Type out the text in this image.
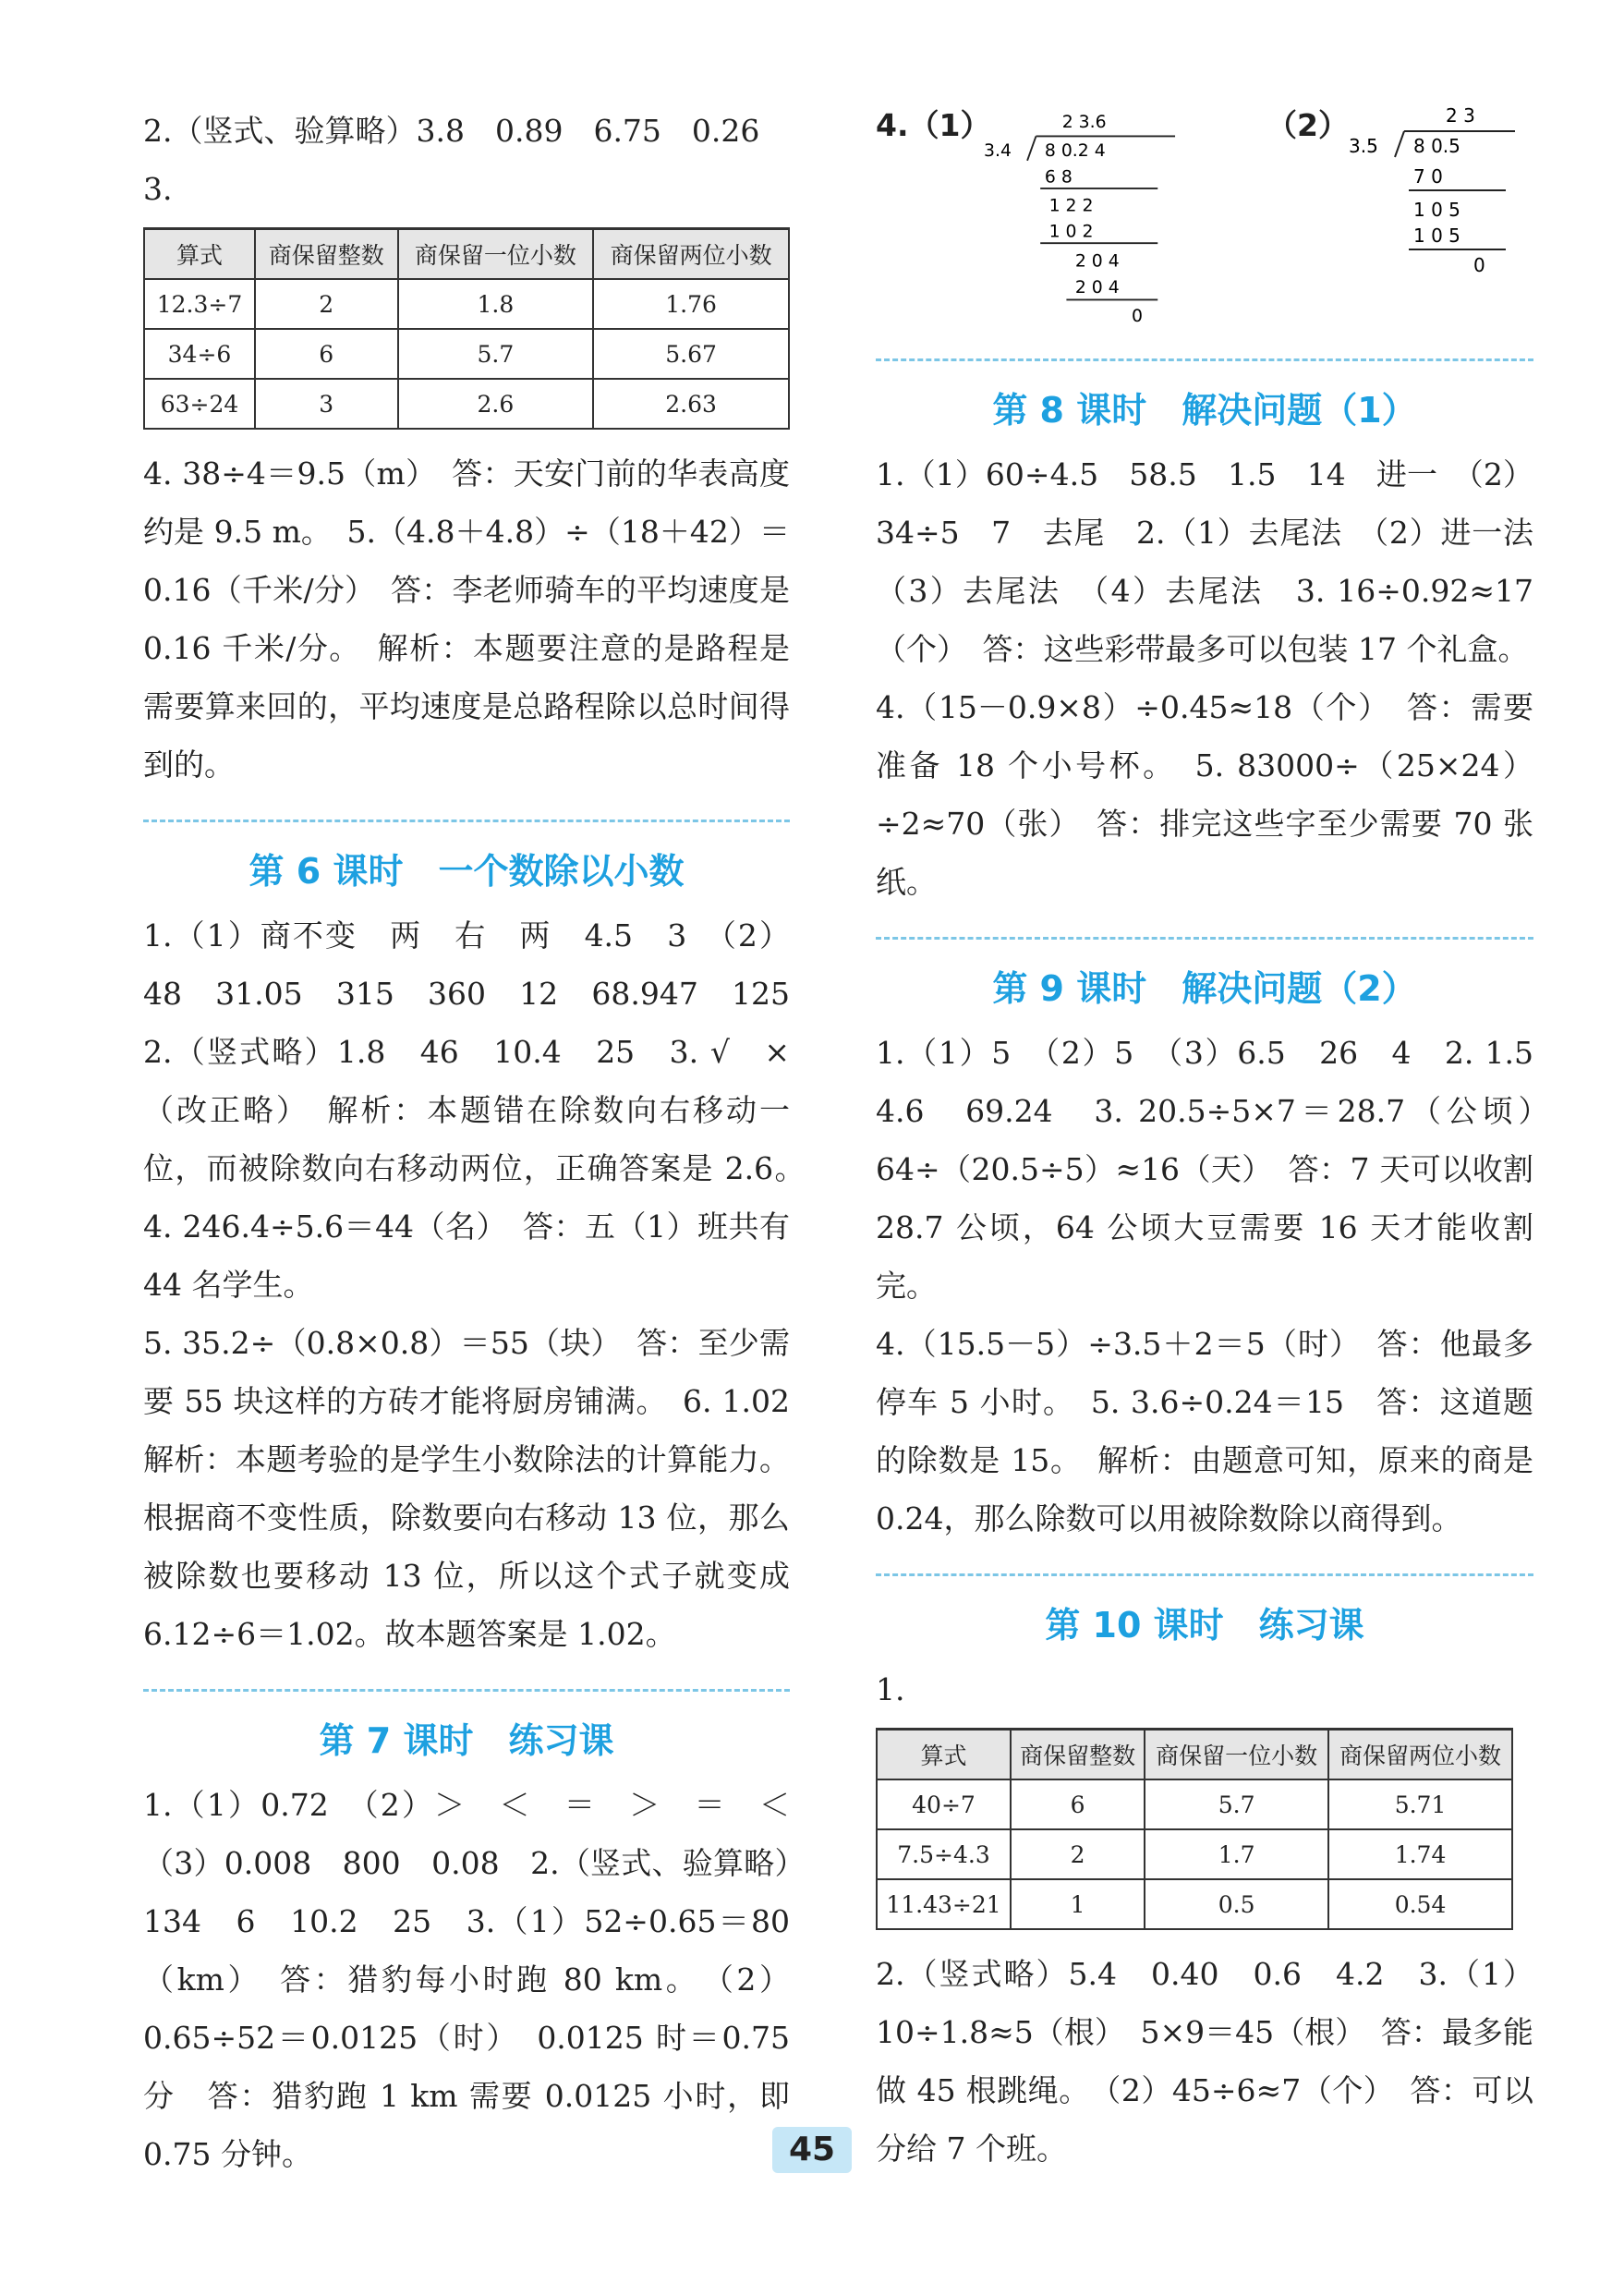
2.（竖式、验算略）3.8　0.89　6.75　0.26

3.

算式	商保留整数	商保留一位小数	商保留两位小数
12.3÷7	2	1.8	1.76
34÷6	6	5.7	5.67
63÷24	3	2.6	2.63

4. 38÷4＝9.5（m）　答：天安门前的华表高度约是 9.5 m。　5.（4.8＋4.8）÷（18＋42）＝0.16（千米/分）　答：李老师骑车的平均速度是 0.16 千米/分。　解析：本题要注意的是路程是需要算来回的，平均速度是总路程除以总时间得到的。

第 6 课时　一个数除以小数

1.（1）商不变　两　右　两　4.5　3　（2）48　31.05　315　360　12　68.947　125　2.（竖式略）1.8　46　10.4　25　3. √　×（改正略）　解析：本题错在除数向右移动一位，而被除数向右移动两位，正确答案是 2.6。　4. 246.4÷5.6＝44（名）　答：五（1）班共有 44 名学生。

5. 35.2÷（0.8×0.8）＝55（块）　答：至少需要 55 块这样的方砖才能将厨房铺满。　6. 1.02　解析：本题考验的是学生小数除法的计算能力。根据商不变性质，除数要向右移动 13 位，那么被除数也要移动 13 位，所以这个式子就变成 6.12÷6＝1.02。故本题答案是 1.02。

第 7 课时　练习课

1.（1）0.72　（2）＞　＜　＝　＞　＝　＜　（3）0.008　800　0.08　2.（竖式、验算略）134　6　10.2　25　3.（1）52÷0.65＝80（km）　答：猎豹每小时跑 80 km。　（2）0.65÷52＝0.0125（时）　0.0125 时＝0.75 分　答：猎豹跑 1 km 需要 0.0125 小时，即 0.75 分钟。

4.（1）	2 3.6
3.4 8 0.2 4
6 8
1 2 2
1 0 2
2 0 4
2 0 4
0
（2）	2 3
3.5 8 0.5
7 0
1 0 5
1 0 5
0
第 8 课时　解决问题（1）

1.（1）60÷4.5　58.5　1.5　14　进一　（2）34÷5　7　去尾　2.（1）去尾法　（2）进一法　（3）去尾法　（4）去尾法　3. 16÷0.92≈17（个）　答：这些彩带最多可以包装 17 个礼盒。

4.（15－0.9×8）÷0.45≈18（个）　答：需要准备 18 个小号杯。　5. 83000÷（25×24）÷2≈70（张）　答：排完这些字至少需要 70 张纸。

第 9 课时　解决问题（2）

1.（1）5　（2）5　（3）6.5　26　4　2. 1.5　4.6　69.24　3. 20.5÷5×7＝28.7（公顷）　64÷（20.5÷5）≈16（天）　答：7 天可以收割 28.7 公顷，64 公顷大豆需要 16 天才能收割完。

4.（15.5－5）÷3.5＋2＝5（时）　答：他最多停车 5 小时。　5. 3.6÷0.24＝15　答：这道题的除数是 15。　解析：由题意可知，原来的商是 0.24，那么除数可以用被除数除以商得到。

第 10 课时　练习课

1.

算式	商保留整数	商保留一位小数	商保留两位小数
40÷7	6	5.7	5.71
7.5÷4.3	2	1.7	1.74
11.43÷21	1	0.5	0.54

2.（竖式略）5.4　0.40　0.6　4.2　3.（1）10÷1.8≈5（根）　5×9＝45（根）　答：最多能做 45 根跳绳。　（2）45÷6≈7（个）　答：可以分给 7 个班。

45
